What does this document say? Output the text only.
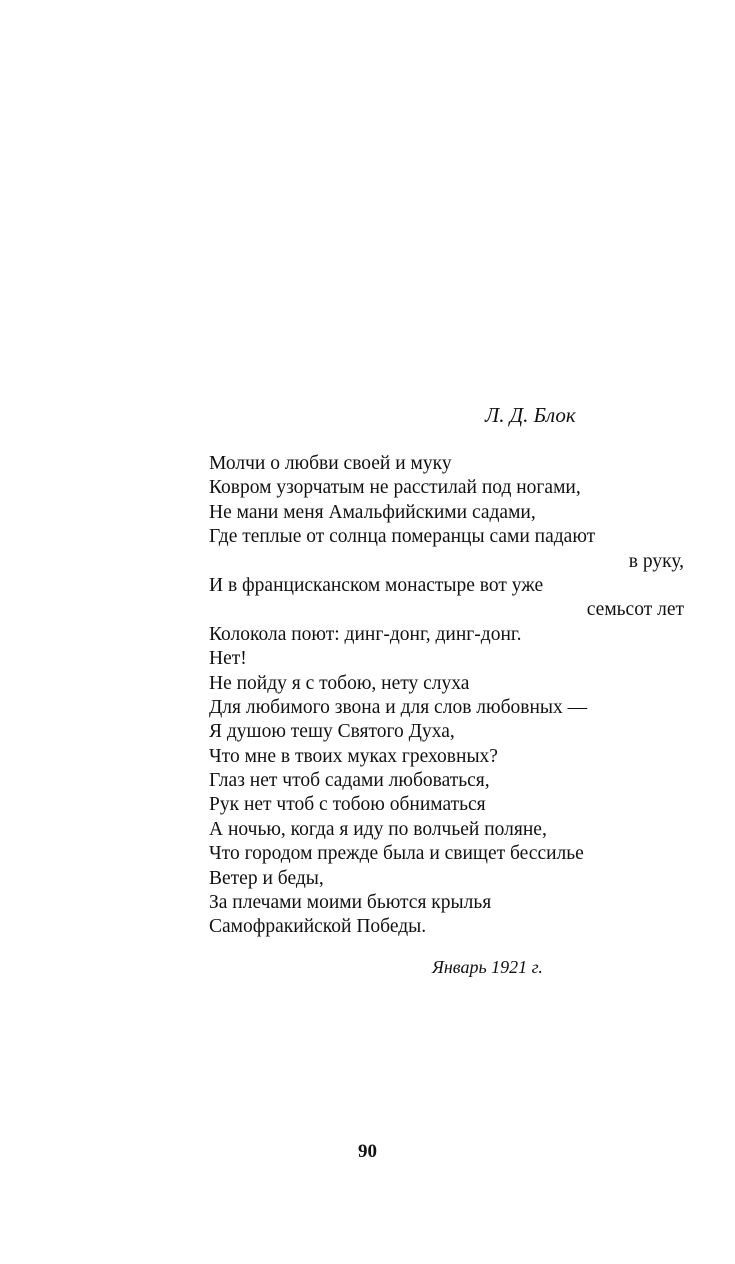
Л. Д. Блок
Молчи о любви своей и муку
Ковром узорчатым не расстилай под ногами,
Не мани меня Амальфийскими садами,
Где теплые от солнца померанцы сами падают
в руку,
И в францисканском монастыре вот уже
семьсот лет
Колокола поют: динг-донг, динг-донг.
Нет!
Не пойду я с тобою, нету слуха
Для любимого звона и для слов любовных —
Я душою тешу Святого Духа,
Что мне в твоих муках греховных?
Глаз нет чтоб садами любоваться,
Рук нет чтоб с тобою обниматься
А ночью, когда я иду по волчьей поляне,
Что городом прежде была и свищет бессилье
Ветер и беды,
За плечами моими бьются крылья
Самофракийской Победы.
Январь 1921 г.
90
